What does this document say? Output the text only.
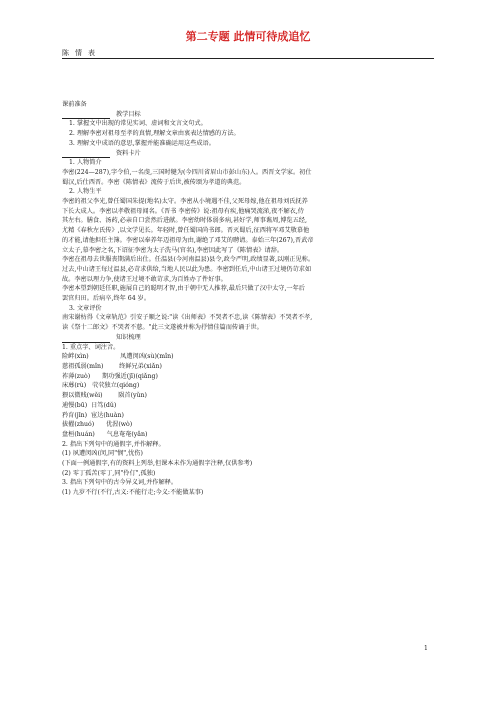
第二专题 此情可待成追忆
陈情表
课前准备
教学目标
1. 掌握文中出现的常见实词、虚词和文言文句式。
2. 理解李密对祖母至孝的真情,理解文章由衷表达情感的方法。
3. 理解文中成语的意思,掌握并能准确运用这些成语。
资料卡片
1. 人物简介
李密(224—287),字令伯,一名虔,三国时犍为(今四川省眉山市彭山东)人。西晋文学家。初仕
蜀汉,后仕西晋。李密《陈情表》流传于后世,被传颂为孝道的典范。
2. 人物生平
李密的祖父李光,曾任蜀国朱提(地名)太守。李密从小境遇不佳,父死母嫁,他在祖母刘氏抚养
下长大成人。李密以孝敬祖母闻名。《晋书 李密传》说:祖母有疾,他痛哭流涕,夜不解衣,侍
其左右。膳食、汤药,必亲自口尝然后进献。李密幼时体弱多病,甚好学,师事谯周,博览五经,
尤精《春秋左氏传》,以文学见长。年轻时,曾任蜀国尚书郎。晋灭蜀后,征西将军邓艾敬慕他
的才能,请他担任主簿。李密以奉养年迈祖母为由,谢绝了邓艾的聘请。泰始三年(267),晋武帝
立太子,慕李密之名,下诏征李密为太子洗马(官名),李密因此写了《陈情表》请辞。
李密在祖母去世服丧期满后出仕。任温县(今河南温县)县令,政令严明,政绩显著,以刚正见称。
过去,中山诸王每过温县,必苛求供给,当地人民以此为患。李密到任后,中山诸王过境仍苛求如
故。李密以理力争,使诸王过境不敢苛求,为百姓办了件好事。
李密本望到朝廷任职,施展自己的聪明才智,由于朝中无人推荐,最后只做了汉中太守,一年后
罢官归田。后病卒,终年 64 岁。
3. 文章评价
南宋谢枋得《文章轨范》引安子顺之说:"读《出师表》不哭者不忠,读《陈情表》不哭者不孝,
读《祭十二郎文》不哭者不慈。"此三文遂被并称为抒情佳篇而传诵于世。
知识梳理
1. 重点字、词注音。
险衅(xìn)                凤遭闵凶(sù)(mǐn)
慈祖孤弱(mǐn)        终鲜兄弟(xiǎn)
祚薄(zuò)      期功强近(jī)(qiǎng)
床蓐(rù)   茕茕独立(qióng)
猥以微贱(wěi)        陨首(yǔn)
逋慢(bū)  日笃(dǔ)
矜育(jīn)  宦达(huàn)
拔擢(zhuó)      优渥(wò)
盘桓(huán)      气息奄奄(yǎn)
2. 指出下列句中的通假字,并作解释。
(1) 夙遭闵凶(闵,同"悯",忧伤)
(下面一例通假字,有的资料上列举,但课本未作为通假字注释,仅供参考)
(2) 零丁孤苦(零丁,同"伶仃",孤独)
3. 指出下列句中的古今异义词,并作解释。
(1) 九岁不行(不行,古义:不能行走;今义:不能做某事)
1
